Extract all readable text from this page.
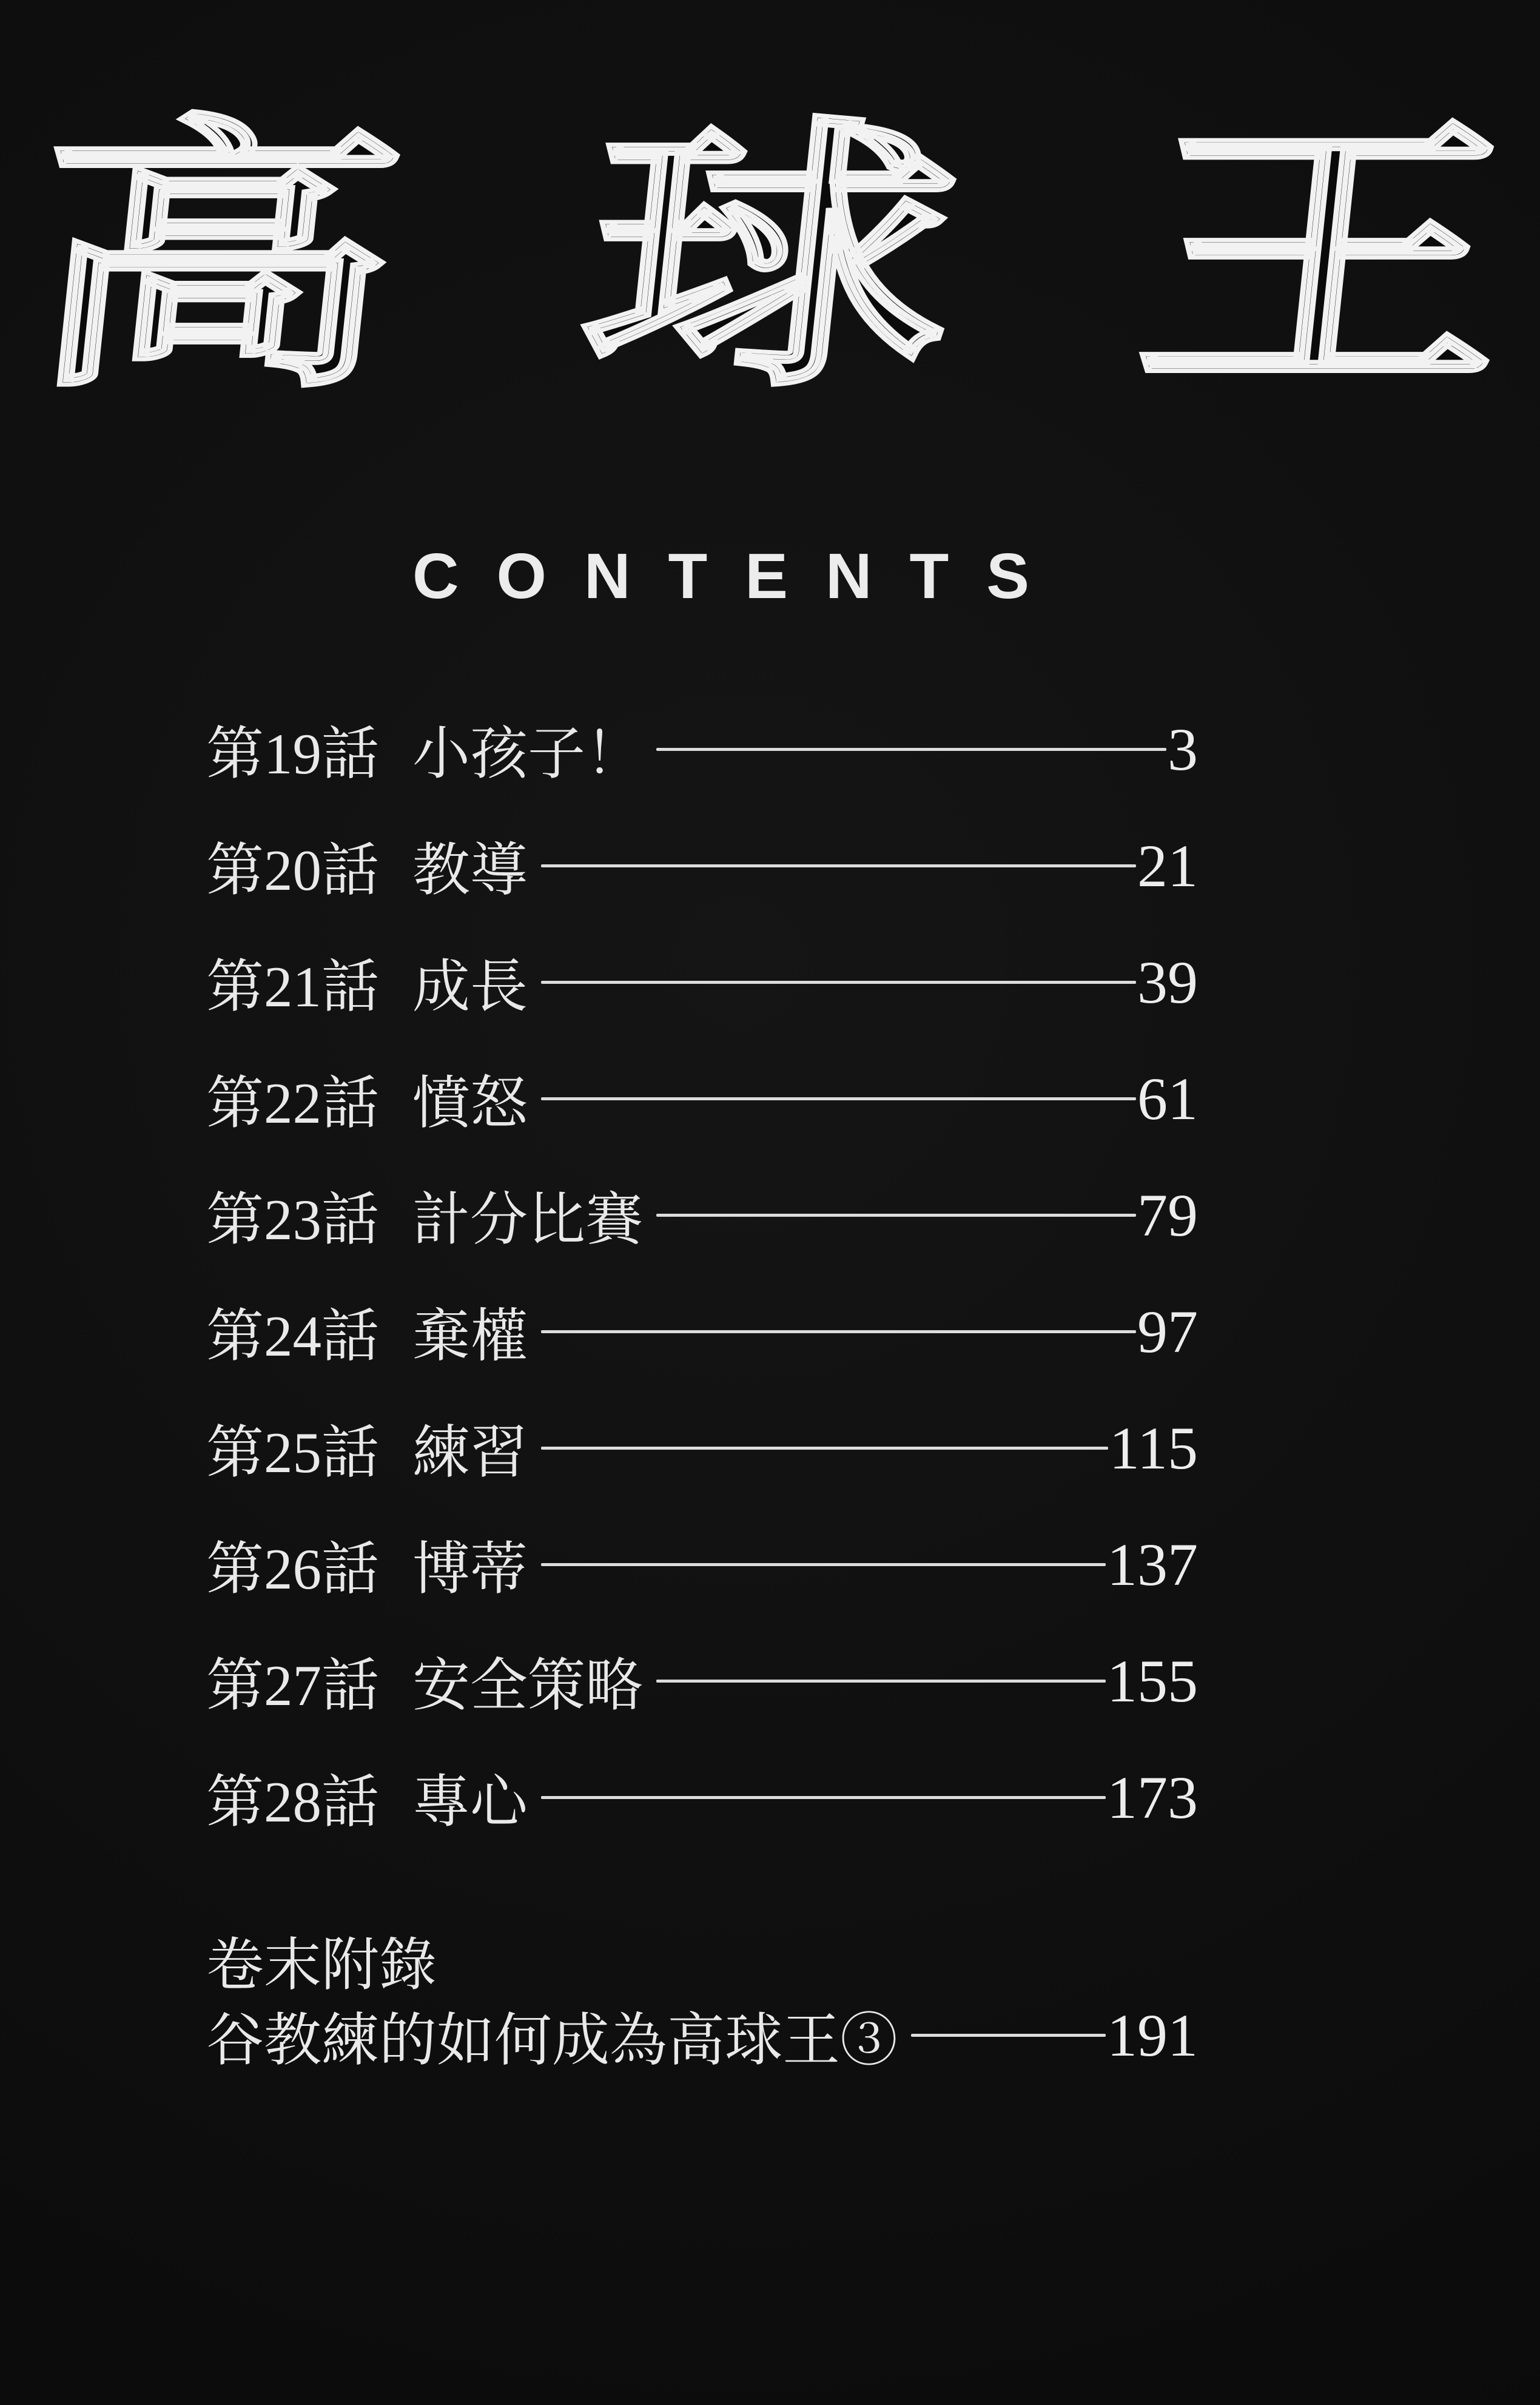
高 球 王
CONTENTS
第19話 小孩子！	3
第20話 教導	21
第21話 成長	39
第22話 憤怒	61
第23話 計分比賽	79
第24話 棄權	97
第25話 練習	115
第26話 博蒂	137
第27話 安全策略	155
第28話 專心	173
卷末附錄
谷教練的如何成為高球王③	191
